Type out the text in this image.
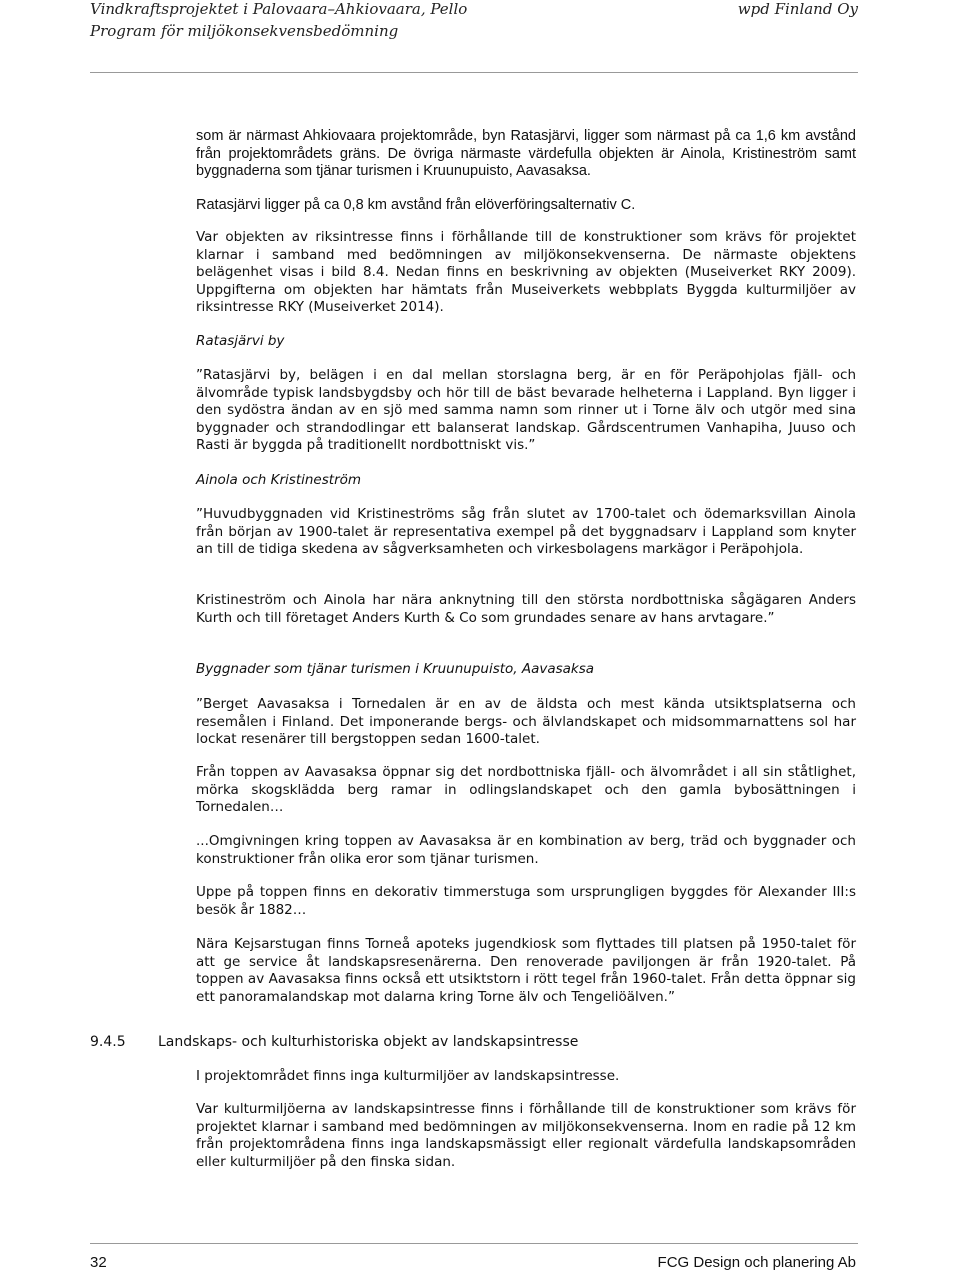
Vindkraftsprojektet i Palovaara–Ahkiovaara, Pello	wpd Finland Oy
Program för miljökonsekvensbedömning

som är närmast Ahkiovaara projektområde, byn Ratasjärvi, ligger som närmast på ca 1,6 km avstånd från projektområdets gräns. De övriga närmaste värdefulla objekten är Ainola, Kristineström samt byggnaderna som tjänar turismen i Kruunupuisto, Aavasaksa.

Ratasjärvi ligger på ca 0,8 km avstånd från elöverföringsalternativ C.

Var objekten av riksintresse finns i förhållande till de konstruktioner som krävs för projektet klarnar i samband med bedömningen av miljökonsekvenserna. De närmaste objektens belägenhet visas i bild 8.4. Nedan finns en beskrivning av objekten (Museiverket RKY 2009). Uppgifterna om objekten har hämtats från Museiverkets webbplats Byggda kulturmiljöer av riksintresse RKY (Museiverket 2014).

Ratasjärvi by

”Ratasjärvi by, belägen i en dal mellan storslagna berg, är en för Peräpohjolas fjäll- och älvområde typisk landsbygdsby och hör till de bäst bevarade helheterna i Lappland. Byn ligger i den sydöstra ändan av en sjö med samma namn som rinner ut i Torne älv och utgör med sina byggnader och strandodlingar ett balanserat landskap. Gårdscentrumen Vanhapiha, Juuso och Rasti är byggda på traditionellt nordbottniskt vis.”

Ainola och Kristineström

”Huvudbyggnaden vid Kristineströms såg från slutet av 1700-talet och ödemarksvillan Ainola från början av 1900-talet är representativa exempel på det byggnadsarv i Lappland som knyter an till de tidiga skedena av sågverksamheten och virkesbolagens markägor i Peräpohjola.

Kristineström och Ainola har nära anknytning till den största nordbottniska sågägaren Anders Kurth och till företaget Anders Kurth & Co som grundades senare av hans arvtagare.”

Byggnader som tjänar turismen i Kruunupuisto, Aavasaksa

”Berget Aavasaksa i Tornedalen är en av de äldsta och mest kända utsiktsplatserna och resemålen i Finland. Det imponerande bergs- och älvlandskapet och midsommarnattens sol har lockat resenärer till bergstoppen sedan 1600-talet.

Från toppen av Aavasaksa öppnar sig det nordbottniska fjäll- och älvområdet i all sin ståtlighet, mörka skogsklädda berg ramar in odlingslandskapet och den gamla bybosättningen i Tornedalen…

...Omgivningen kring toppen av Aavasaksa är en kombination av berg, träd och byggnader och konstruktioner från olika eror som tjänar turismen.

Uppe på toppen finns en dekorativ timmerstuga som ursprungligen byggdes för Alexander III:s besök år 1882…

Nära Kejsarstugan finns Torneå apoteks jugendkiosk som flyttades till platsen på 1950-talet för att ge service åt landskapsresenärerna. Den renoverade paviljongen är från 1920-talet. På toppen av Aavasaksa finns också ett utsiktstorn i rött tegel från 1960-talet. Från detta öppnar sig ett panoramalandskap mot dalarna kring Torne älv och Tengeliöälven.”

9.4.5 Landskaps- och kulturhistoriska objekt av landskapsintresse

I projektområdet finns inga kulturmiljöer av landskapsintresse.

Var kulturmiljöerna av landskapsintresse finns i förhållande till de konstruktioner som krävs för projektet klarnar i samband med bedömningen av miljökonsekvenserna. Inom en radie på 12 km från projektområdena finns inga landskapsmässigt eller regionalt värdefulla landskapsområden eller kulturmiljöer på den finska sidan.

32	FCG Design och planering Ab
